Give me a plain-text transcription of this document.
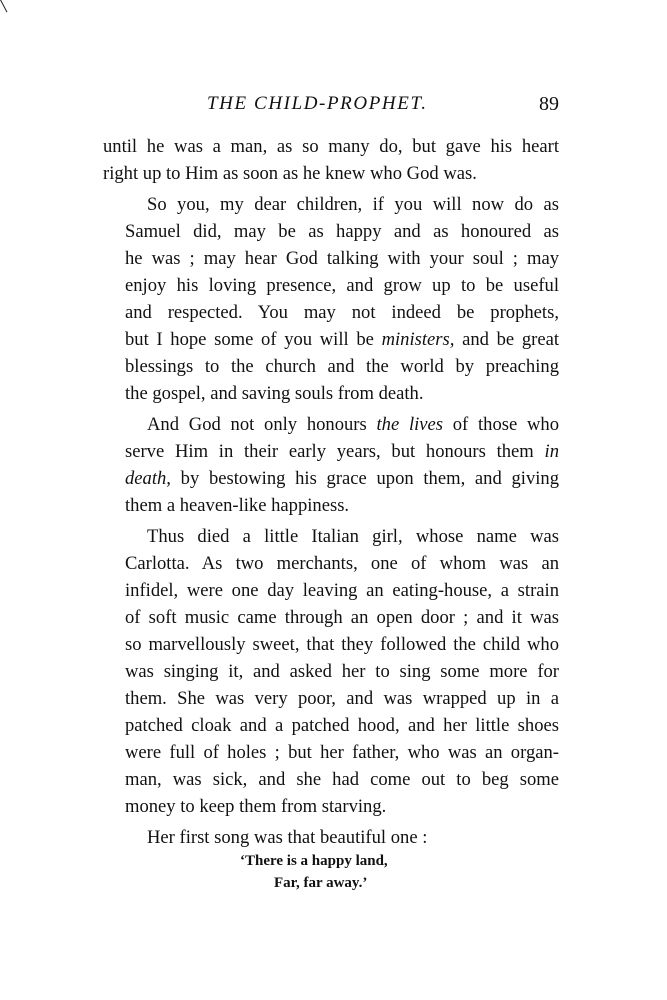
THE CHILD-PROPHET.	89

until he was a man, as so many do, but gave his heart
right up to Him as soon as he knew who God was.

So you, my dear children, if you will now do as
Samuel did, may be as happy and as honoured as
he was ; may hear God talking with your soul ; may
enjoy his loving presence, and grow up to be useful
and respected. You may not indeed be prophets,
but I hope some of you will be ministers, and be great
blessings to the church and the world by preaching
the gospel, and saving souls from death.

And God not only honours the lives of those who
serve Him in their early years, but honours them in
death, by bestowing his grace upon them, and giving
them a heaven-like happiness.

Thus died a little Italian girl, whose name was
Carlotta. As two merchants, one of whom was an
infidel, were one day leaving an eating-house, a strain
of soft music came through an open door ; and it was
so marvellously sweet, that they followed the child who
was singing it, and asked her to sing some more for
them. She was very poor, and was wrapped up in a
patched cloak and a patched hood, and her little shoes
were full of holes ; but her father, who was an organ-
man, was sick, and she had come out to beg some
money to keep them from starving.

Her first song was that beautiful one :

‘There is a happy land,
Far, far away.’
